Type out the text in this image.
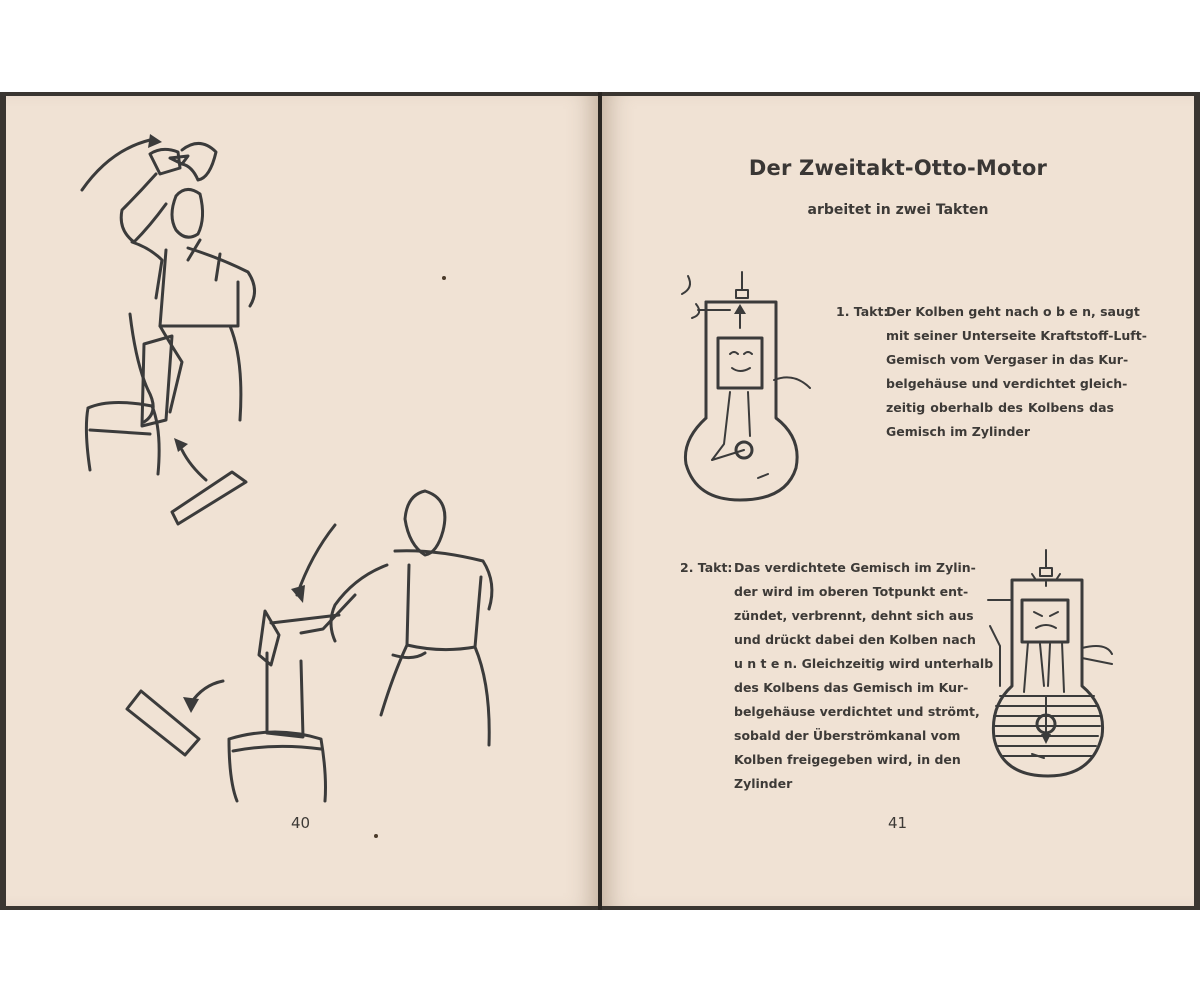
40
Der Zweitakt-Otto-Motor
arbeitet in zwei Takten
1. Takt:
Der Kolben geht nach o b e n, saugt
mit seiner Unterseite Kraftstoff-Luft-
Gemisch vom Vergaser in das Kur-
belgehäuse und verdichtet gleich-
zeitig oberhalb des Kolbens das
Gemisch im Zylinder
2. Takt: Das verdichtete Gemisch im Zylin-
der wird im oberen Totpunkt ent-
zündet, verbrennt, dehnt sich aus
und drückt dabei den Kolben nach
u n t e n. Gleichzeitig wird unterhalb
des Kolbens das Gemisch im Kur-
belgehäuse verdichtet und strömt,
sobald der Überströmkanal vom
Kolben freigegeben wird, in den
Zylinder
41
